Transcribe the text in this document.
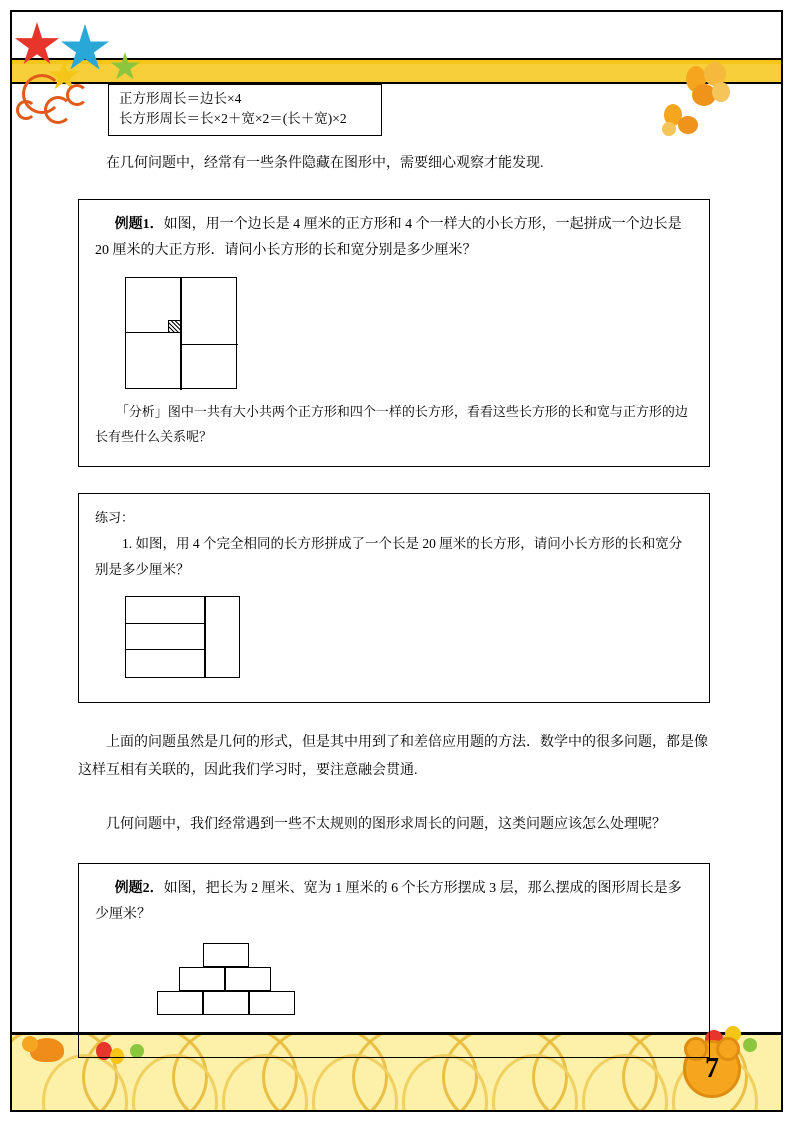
7
正方形周长＝边长×4
长方形周长＝长×2＋宽×2＝(长＋宽)×2

在几何问题中，经常有一些条件隐藏在图形中，需要细心观察才能发现.

例题1．如图，用一个边长是 4 厘米的正方形和 4 个一样大的小长方形，一起拼成一个边长是 20 厘米的大正方形．请问小长方形的长和宽分别是多少厘米？
「分析」图中一共有大小共两个正方形和四个一样的长方形，看看这些长方形的长和宽与正方形的边长有些什么关系呢？
练习：
1. 如图，用 4 个完全相同的长方形拼成了一个长是 20 厘米的长方形，请问小长方形的长和宽分别是多少厘米？

上面的问题虽然是几何的形式，但是其中用到了和差倍应用题的方法．数学中的很多问题，都是像这样互相有关联的，因此我们学习时，要注意融会贯通.

几何问题中，我们经常遇到一些不太规则的图形求周长的问题，这类问题应该怎么处理呢？

例题2．如图，把长为 2 厘米、宽为 1 厘米的 6 个长方形摆成 3 层，那么摆成的图形周长是多少厘米？
